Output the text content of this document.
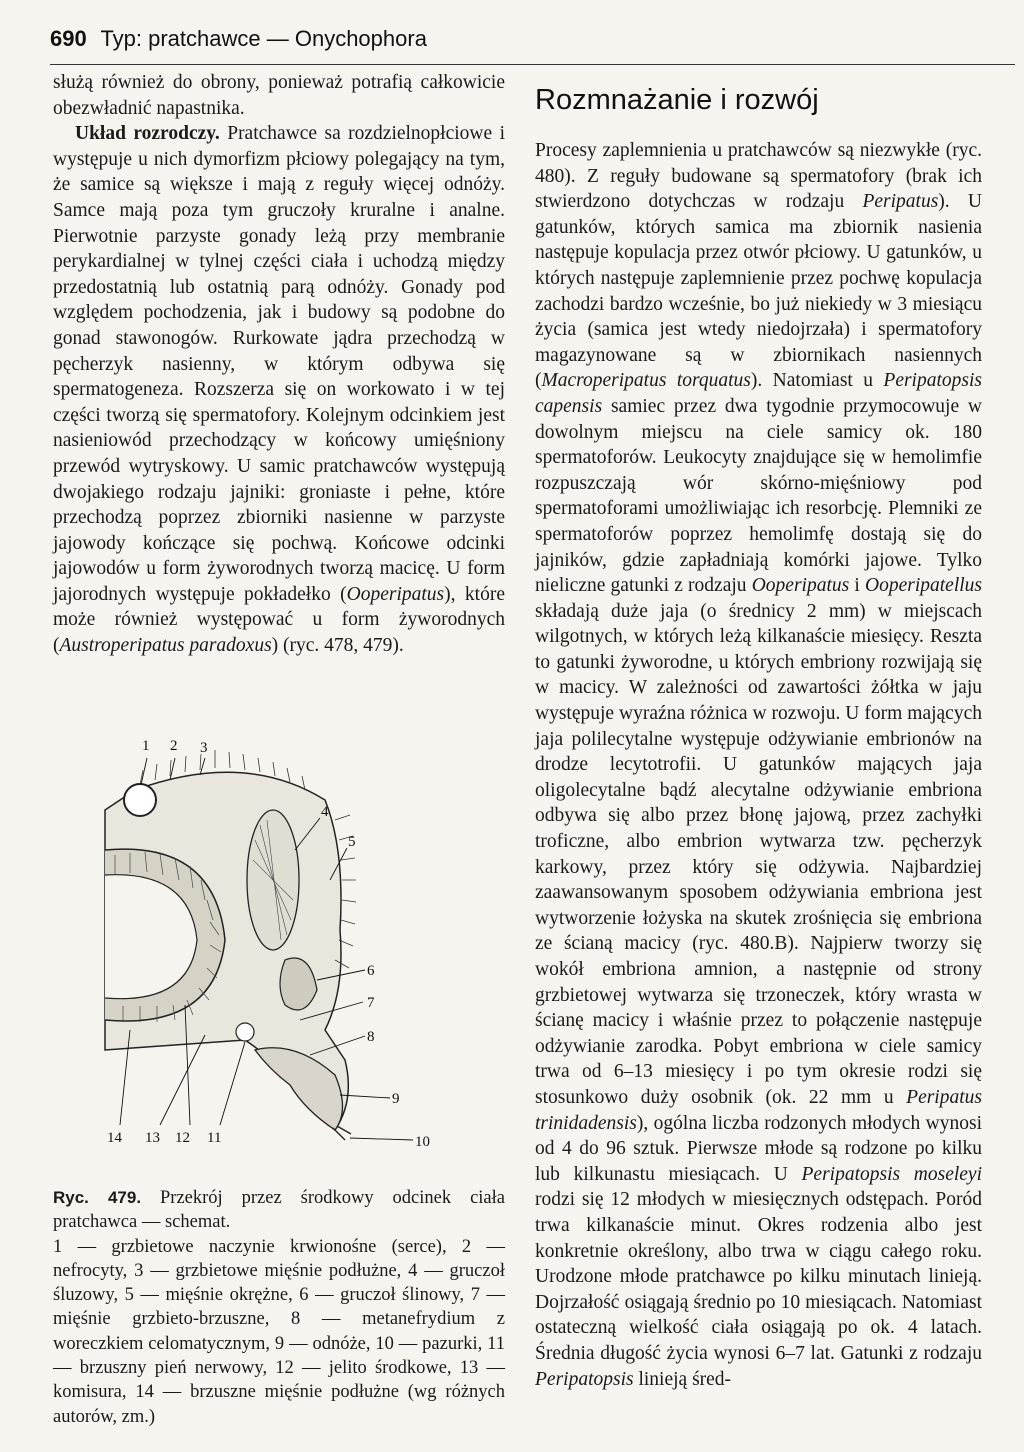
690 Typ: pratchawce — Onychophora

służą również do obrony, ponieważ potrafią całkowicie obezwładnić napastnika.

Układ rozrodczy. Pratchawce sa rozdzielnopłciowe i występuje u nich dymorfizm płciowy polegający na tym, że samice są większe i mają z reguły więcej odnóży. Samce mają poza tym gruczoły kruralne i analne. Pierwotnie parzyste gonady leżą przy membranie perykardialnej w tylnej części ciała i uchodzą między przedostatnią lub ostatnią parą odnóży. Gonady pod względem pochodzenia, jak i budowy są podobne do gonad stawonogów. Rurkowate jądra przechodzą w pęcherzyk nasienny, w którym odbywa się spermatogeneza. Rozszerza się on workowato i w tej części tworzą się spermatofory. Kolejnym odcinkiem jest nasieniowód przechodzący w końcowy umięśniony przewód wytryskowy. U samic pratchawców występują dwojakiego rodzaju jajniki: groniaste i pełne, które przechodzą poprzez zbiorniki nasienne w parzyste jajowody kończące się pochwą. Końcowe odcinki jajowodów u form żyworodnych tworzą macicę. U form jajorodnych występuje pokładełko (Ooperipatus), które może również występować u form żyworodnych (Austroperipatus paradoxus) (ryc. 478, 479).

1 2 3
4
5
6
7
8
9
10
11
12
13
14

Ryc. 479. Przekrój przez środkowy odcinek ciała pratchawca — schemat.

1 — grzbietowe naczynie krwionośne (serce), 2 — nefrocyty, 3 — grzbietowe mięśnie podłużne, 4 — gruczoł śluzowy, 5 — mięśnie okrężne, 6 — gruczoł ślinowy, 7 — mięśnie grzbieto-brzuszne, 8 — metanefrydium z woreczkiem celomatycznym, 9 — odnóże, 10 — pazurki, 11 — brzuszny pień nerwowy, 12 — jelito środkowe, 13 — komisura, 14 — brzuszne mięśnie podłużne (wg różnych autorów, zm.)

Rozmnażanie i rozwój

Procesy zaplemnienia u pratchawców są niezwykłe (ryc. 480). Z reguły budowane są spermatofory (brak ich stwierdzono dotychczas w rodzaju Peripatus). U gatunków, których samica ma zbiornik nasienia następuje kopulacja przez otwór płciowy. U gatunków, u których następuje zaplemnienie przez pochwę kopulacja zachodzi bardzo wcześnie, bo już niekiedy w 3 miesiącu życia (samica jest wtedy niedojrzała) i spermatofory magazynowane są w zbiornikach nasiennych (Macroperipatus torquatus). Natomiast u Peripatopsis capensis samiec przez dwa tygodnie przymocowuje w dowolnym miejscu na ciele samicy ok. 180 spermatoforów. Leukocyty znajdujące się w hemolimfie rozpuszczają wór skórno-mięśniowy pod spermatoforami umożliwiając ich resorbcję. Plemniki ze spermatoforów poprzez hemolimfę dostają się do jajników, gdzie zapładniają komórki jajowe. Tylko nieliczne gatunki z rodzaju Ooperipatus i Ooperipatellus składają duże jaja (o średnicy 2 mm) w miejscach wilgotnych, w których leżą kilkanaście miesięcy. Reszta to gatunki żyworodne, u których embriony rozwijają się w macicy. W zależności od zawartości żółtka w jaju występuje wyraźna różnica w rozwoju. U form mających jaja polilecytalne występuje odżywianie embrionów na drodze lecytotrofii. U gatunków mających jaja oligolecytalne bądź alecytalne odżywianie embriona odbywa się albo przez błonę jajową, przez zachyłki troficzne, albo embrion wytwarza tzw. pęcherzyk karkowy, przez który się odżywia. Najbardziej zaawansowanym sposobem odżywiania embriona jest wytworzenie łożyska na skutek zrośnięcia się embriona ze ścianą macicy (ryc. 480.B). Najpierw tworzy się wokół embriona amnion, a następnie od strony grzbietowej wytwarza się trzoneczek, który wrasta w ścianę macicy i właśnie przez to połączenie następuje odżywianie zarodka. Pobyt embriona w ciele samicy trwa od 6–13 miesięcy i po tym okresie rodzi się stosunkowo duży osobnik (ok. 22 mm u Peripatus trinidadensis), ogólna liczba rodzonych młodych wynosi od 4 do 96 sztuk. Pierwsze młode są rodzone po kilku lub kilkunastu miesiącach. U Peripatopsis moseleyi rodzi się 12 młodych w miesięcznych odstępach. Poród trwa kilkanaście minut. Okres rodzenia albo jest konkretnie określony, albo trwa w ciągu całego roku. Urodzone młode pratchawce po kilku minutach linieją. Dojrzałość osiągają średnio po 10 miesiącach. Natomiast ostateczną wielkość ciała osiągają po ok. 4 latach. Średnia długość życia wynosi 6–7 lat. Gatunki z rodzaju Peripatopsis linieją śred-
